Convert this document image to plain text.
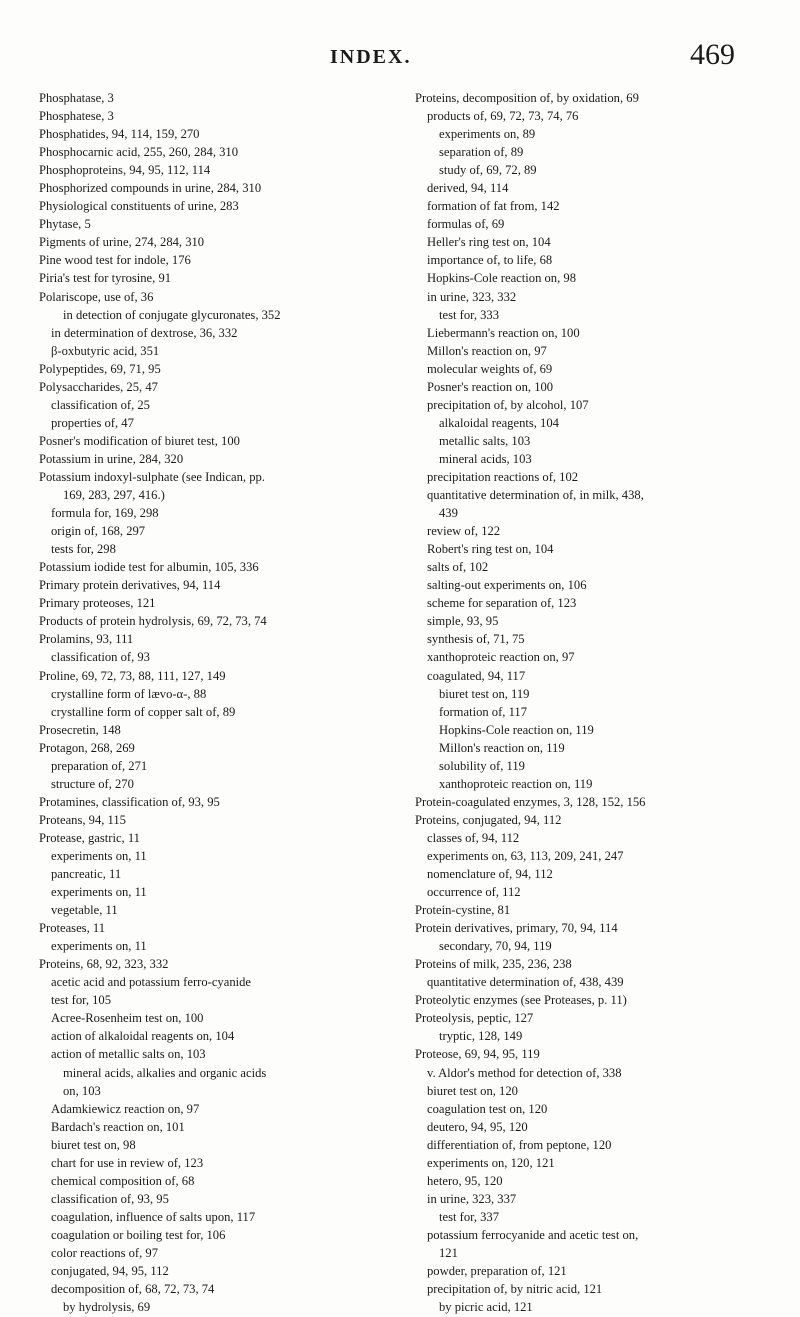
INDEX.	469
Phosphatase, 3
Phosphatese, 3
Phosphatides, 94, 114, 159, 270
Phosphocarnic acid, 255, 260, 284, 310
Phosphoproteins, 94, 95, 112, 114
Phosphorized compounds in urine, 284, 310
Physiological constituents of urine, 283
Phytase, 5
Pigments of urine, 274, 284, 310
Pine wood test for indole, 176
Piria's test for tyrosine, 91
Polariscope, use of, 36
in detection of conjugate glycuronates, 352
in determination of dextrose, 36, 332
β-oxbutyric acid, 351
Polypeptides, 69, 71, 95
Polysaccharides, 25, 47
classification of, 25
properties of, 47
Posner's modification of biuret test, 100
Potassium in urine, 284, 320
Potassium indoxyl-sulphate (see Indican, pp.
169, 283, 297, 416.)
formula for, 169, 298
origin of, 168, 297
tests for, 298
Potassium iodide test for albumin, 105, 336
Primary protein derivatives, 94, 114
Primary proteoses, 121
Products of protein hydrolysis, 69, 72, 73, 74
Prolamins, 93, 111
classification of, 93
Proline, 69, 72, 73, 88, 111, 127, 149
crystalline form of lævo-α-, 88
crystalline form of copper salt of, 89
Prosecretin, 148
Protagon, 268, 269
preparation of, 271
structure of, 270
Protamines, classification of, 93, 95
Proteans, 94, 115
Protease, gastric, 11
experiments on, 11
pancreatic, 11
experiments on, 11
vegetable, 11
Proteases, 11
experiments on, 11
Proteins, 68, 92, 323, 332
acetic acid and potassium ferro-cyanide
test for, 105
Acree-Rosenheim test on, 100
action of alkaloidal reagents on, 104
action of metallic salts on, 103
mineral acids, alkalies and organic acids
on, 103
Adamkiewicz reaction on, 97
Bardach's reaction on, 101
biuret test on, 98
chart for use in review of, 123
chemical composition of, 68
classification of, 93, 95
coagulation, influence of salts upon, 117
coagulation or boiling test for, 106
color reactions of, 97
conjugated, 94, 95, 112
decomposition of, 68, 72, 73, 74
by hydrolysis, 69
Proteins, decomposition of, by oxidation, 69
products of, 69, 72, 73, 74, 76
experiments on, 89
separation of, 89
study of, 69, 72, 89
derived, 94, 114
formation of fat from, 142
formulas of, 69
Heller's ring test on, 104
importance of, to life, 68
Hopkins-Cole reaction on, 98
in urine, 323, 332
test for, 333
Liebermann's reaction on, 100
Millon's reaction on, 97
molecular weights of, 69
Posner's reaction on, 100
precipitation of, by alcohol, 107
alkaloidal reagents, 104
metallic salts, 103
mineral acids, 103
precipitation reactions of, 102
quantitative determination of, in milk, 438,
439
review of, 122
Robert's ring test on, 104
salts of, 102
salting-out experiments on, 106
scheme for separation of, 123
simple, 93, 95
synthesis of, 71, 75
xanthoproteic reaction on, 97
coagulated, 94, 117
biuret test on, 119
formation of, 117
Hopkins-Cole reaction on, 119
Millon's reaction on, 119
solubility of, 119
xanthoproteic reaction on, 119
Protein-coagulated enzymes, 3, 128, 152, 156
Proteins, conjugated, 94, 112
classes of, 94, 112
experiments on, 63, 113, 209, 241, 247
nomenclature of, 94, 112
occurrence of, 112
Protein-cystine, 81
Protein derivatives, primary, 70, 94, 114
secondary, 70, 94, 119
Proteins of milk, 235, 236, 238
quantitative determination of, 438, 439
Proteolytic enzymes (see Proteases, p. 11)
Proteolysis, peptic, 127
tryptic, 128, 149
Proteose, 69, 94, 95, 119
v. Aldor's method for detection of, 338
biuret test on, 120
coagulation test on, 120
deutero, 94, 95, 120
differentiation of, from peptone, 120
experiments on, 120, 121
hetero, 95, 120
in urine, 323, 337
test for, 337
potassium ferrocyanide and acetic test on,
121
powder, preparation of, 121
precipitation of, by nitric acid, 121
by picric acid, 121
